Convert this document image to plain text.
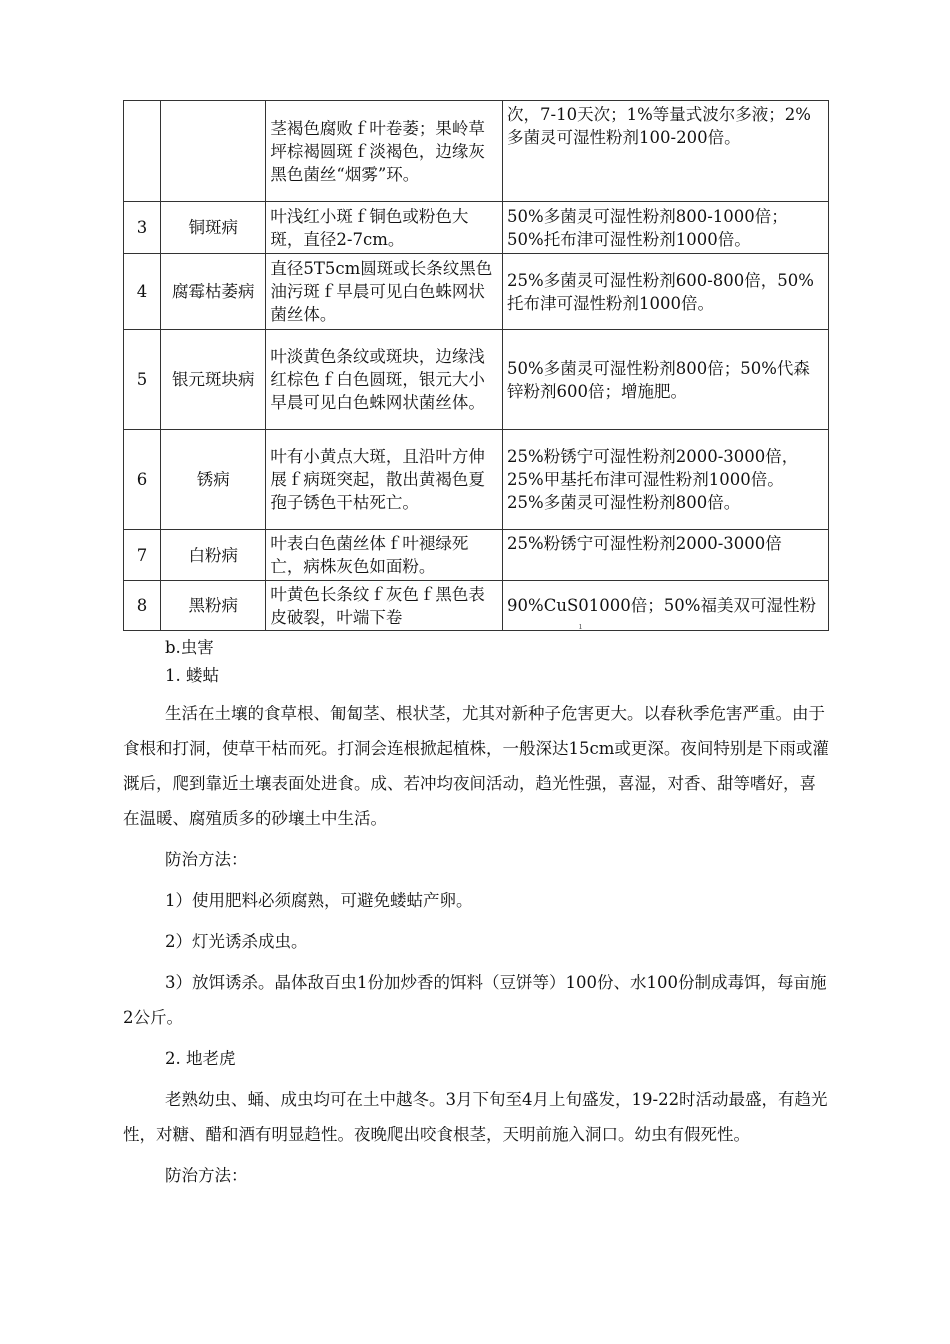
		茎褐色腐败ｆ叶卷萎；果岭草坪棕褐圆斑ｆ淡褐色，边缘灰黑色菌丝“烟雾”环。	次，7-10天次；1%等量式波尔多液；2%多菌灵可湿性粉剂100-200倍。
3	铜斑病	叶浅红小斑ｆ铜色或粉色大斑，直径2-7cm。	50%多菌灵可湿性粉剂800-1000倍；50%托布津可湿性粉剂1000倍。
4	腐霉枯萎病	直径5T5cm圆斑或长条纹黑色油污斑ｆ早晨可见白色蛛网状菌丝体。	25%多菌灵可湿性粉剂600-800倍，50%托布津可湿性粉剂1000倍。
5	银元斑块病	叶淡黄色条纹或斑块，边缘浅红棕色ｆ白色圆斑，银元大小早晨可见白色蛛网状菌丝体。	50%多菌灵可湿性粉剂800倍；50%代森锌粉剂600倍；增施肥。
6	锈病	叶有小黄点大斑，且沿叶方伸展ｆ病斑突起，散出黄褐色夏孢子锈色干枯死亡。	25%粉锈宁可湿性粉剂2000-3000倍，
25%甲基托布津可湿性粉剂1000倍。
25%多菌灵可湿性粉剂800倍。
7	白粉病	叶表白色菌丝体ｆ叶褪绿死亡，病株灰色如面粉。	25%粉锈宁可湿性粉剂2000-3000倍
8	黑粉病	叶黄色长条纹ｆ灰色ｆ黑色表皮破裂，叶端下卷	90%CuS01000倍；50%福美双可湿性粉
ı

b.虫害

1. 蝼蛄

生活在土壤的食草根、匍匐茎、根状茎，尤其对新种子危害更大。以春秋季危害严重。由于食根和打洞，使草干枯而死。打洞会连根掀起植株，一般深达15cm或更深。夜间特别是下雨或灌溉后，爬到靠近土壤表面处进食。成、若冲均夜间活动，趋光性强，喜湿，对香、甜等嗜好，喜在温暖、腐殖质多的砂壤土中生活。

防治方法：

1）使用肥料必须腐熟，可避免蝼蛄产卵。

2）灯光诱杀成虫。

3）放饵诱杀。晶体敌百虫1份加炒香的饵料（豆饼等）100份、水100份制成毒饵，每亩施2公斤。

2. 地老虎

老熟幼虫、蛹、成虫均可在土中越冬。3月下旬至4月上旬盛发，19-22时活动最盛，有趋光性，对糖、醋和酒有明显趋性。夜晚爬出咬食根茎，天明前施入洞口。幼虫有假死性。

防治方法：
